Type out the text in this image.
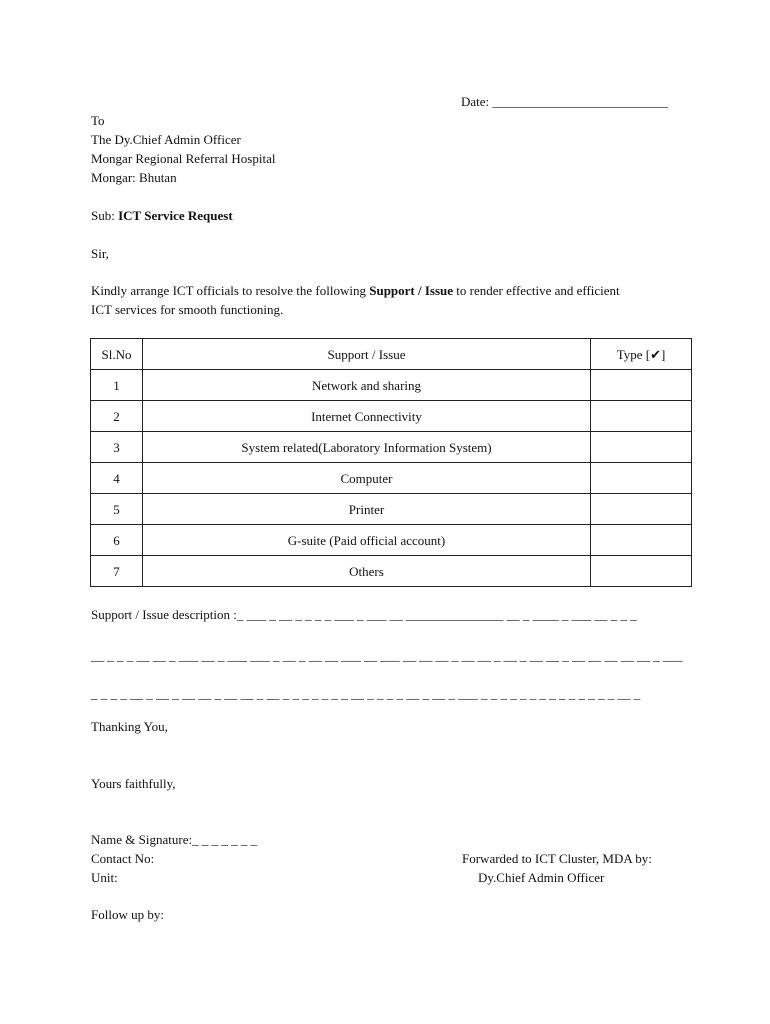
Date: ___________________________
To
The Dy.Chief Admin Officer
Mongar Regional Referral Hospital
Mongar: Bhutan
Sub: ICT Service Request
Sir,
Kindly arrange ICT officials to resolve the following Support / Issue to render effective and efficient
ICT services for smooth functioning.
Sl.No	Support / Issue	Type [✔]
1	Network and sharing	
2	Internet Connectivity	
3	System related(Laboratory Information System)	
4	Computer	
5	Printer	
6	G-suite (Paid official account)	
7	Others	
Support / Issue description :_ ___ _ __ _ _ _ _ ___ _ ___ __ _______________ __ _ ____ _ ___ __ _ _ _
__ _ _ _ __ __ _ ___ __ _ ___ ___ _ __ _ __ __ ___ __ ___ __ __ __ _ __ __ _ __ _ __ __ _ __ __ __ __ __ _ ___
_ _ _ _ __ _ __ _ __ __ _ __ __ _ __ _ _ _ _ _ _ _ __ _ _ _ _ __ _ __ _ ___ _ _ _ _ _ _ _ _ _ _ _ _ _ _ __ _
Thanking You,
Yours faithfully,
Name & Signature:_ _ _ _ _ _ _
Contact No:
Unit:
Forwarded to ICT Cluster, MDA by:
Dy.Chief Admin Officer
Follow up by:
